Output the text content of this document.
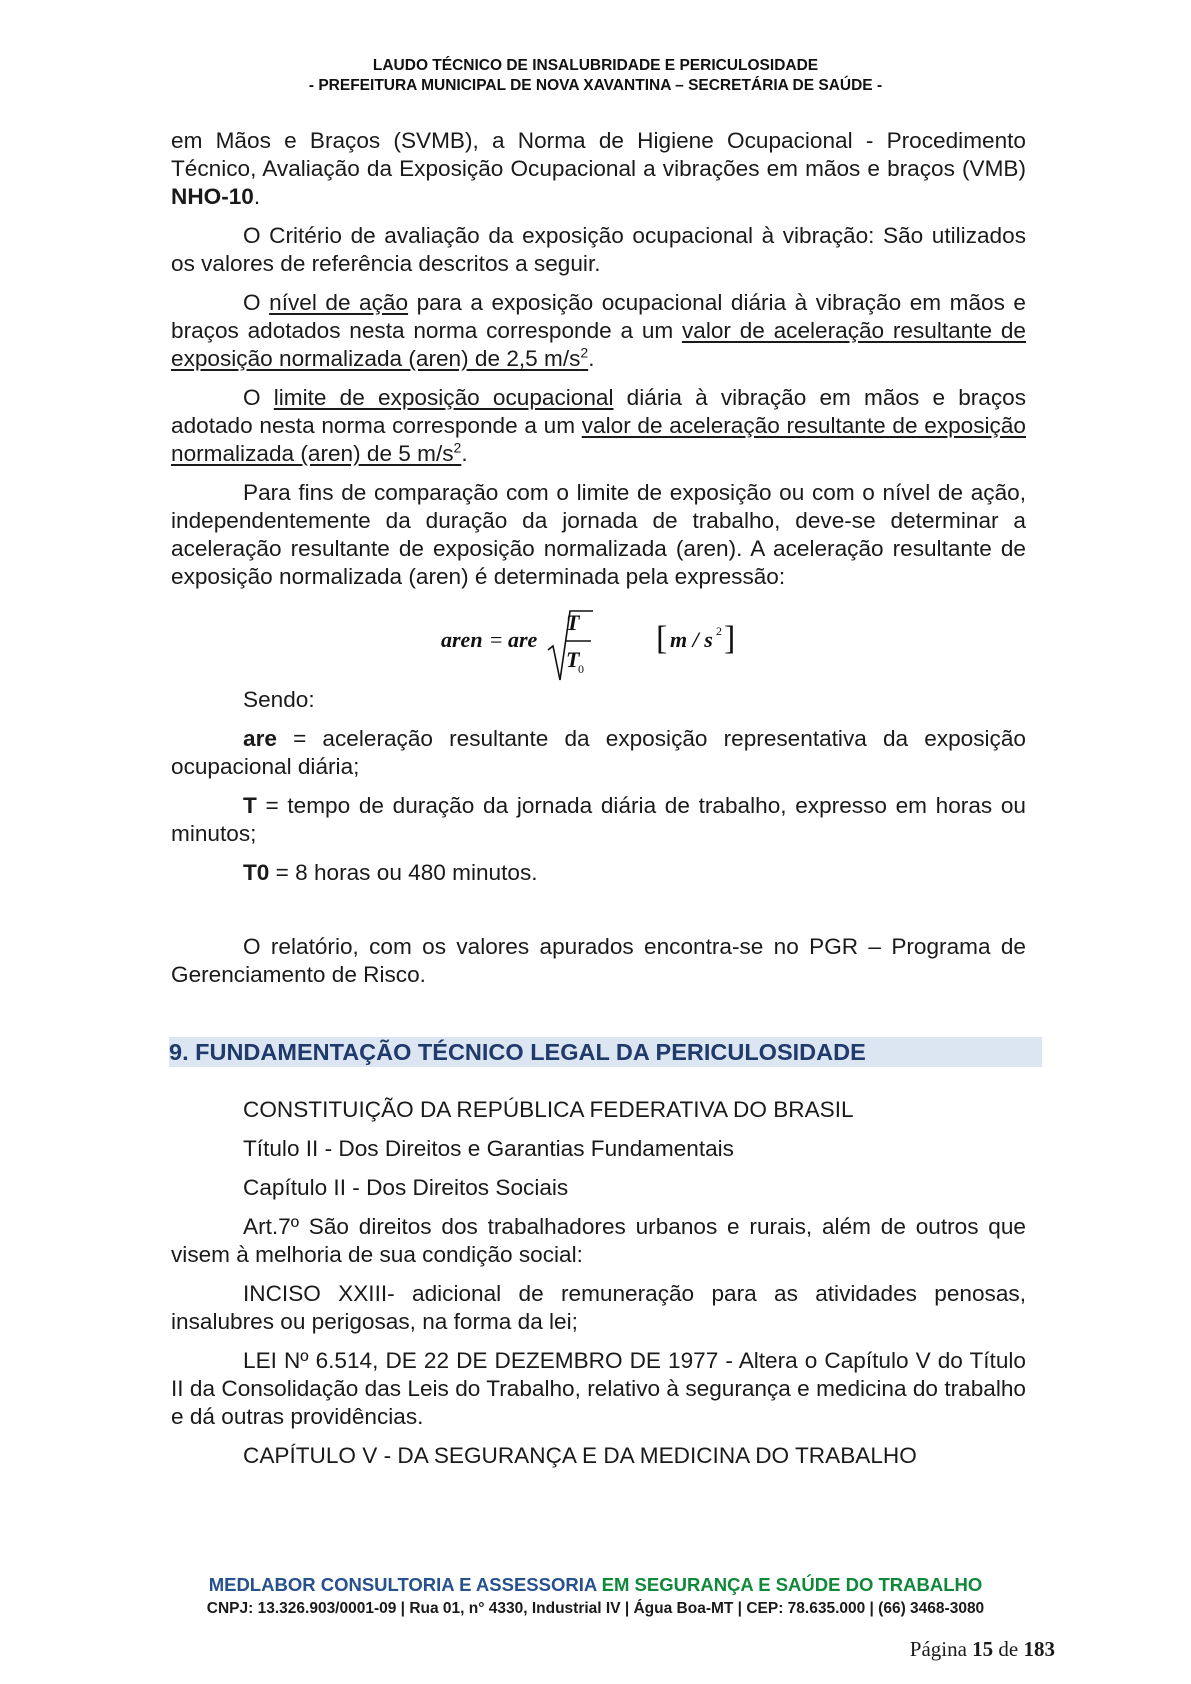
LAUDO TÉCNICO DE INSALUBRIDADE E PERICULOSIDADE
- PREFEITURA MUNICIPAL DE NOVA XAVANTINA – SECRETÁRIA DE SAÚDE -

em Mãos e Braços (SVMB), a Norma de Higiene Ocupacional - Procedimento Técnico, Avaliação da Exposição Ocupacional a vibrações em mãos e braços (VMB) NHO-10.

O Critério de avaliação da exposição ocupacional à vibração: São utilizados os valores de referência descritos a seguir.

O nível de ação para a exposição ocupacional diária à vibração em mãos e braços adotados nesta norma corresponde a um valor de aceleração resultante de exposição normalizada (aren) de 2,5 $m/s^2$.

O limite de exposição ocupacional diária à vibração em mãos e braços adotado nesta norma corresponde a um valor de aceleração resultante de exposição normalizada (aren) de 5 $m/s^2$.

Para fins de comparação com o limite de exposição ou com o nível de ação, independentemente da duração da jornada de trabalho, deve-se determinar a aceleração resultante de exposição normalizada (aren). A aceleração resultante de exposição normalizada (aren) é determinada pela expressão:

aren = are
T
T
0
[ m / s 2 ]

Sendo:

are = aceleração resultante da exposição representativa da exposição ocupacional diária;

T = tempo de duração da jornada diária de trabalho, expresso em horas ou minutos;

T0 = 8 horas ou 480 minutos.

O relatório, com os valores apurados encontra-se no PGR – Programa de Gerenciamento de Risco.

9. FUNDAMENTAÇÃO TÉCNICO LEGAL DA PERICULOSIDADE

CONSTITUIÇÃO DA REPÚBLICA FEDERATIVA DO BRASIL

Título II - Dos Direitos e Garantias Fundamentais

Capítulo II - Dos Direitos Sociais

Art.7º São direitos dos trabalhadores urbanos e rurais, além de outros que visem à melhoria de sua condição social:

INCISO XXIII- adicional de remuneração para as atividades penosas, insalubres ou perigosas, na forma da lei;

LEI Nº 6.514, DE 22 DE DEZEMBRO DE 1977 - Altera o Capítulo V do Título II da Consolidação das Leis do Trabalho, relativo à segurança e medicina do trabalho e dá outras providências.

CAPÍTULO V - DA SEGURANÇA E DA MEDICINA DO TRABALHO

MEDLABOR CONSULTORIA E ASSESSORIA EM SEGURANÇA E SAÚDE DO TRABALHO
CNPJ: 13.326.903/0001-09 | Rua 01, n° 4330, Industrial IV | Água Boa-MT | CEP: 78.635.000 | (66) 3468-3080
Página 15 de 183
